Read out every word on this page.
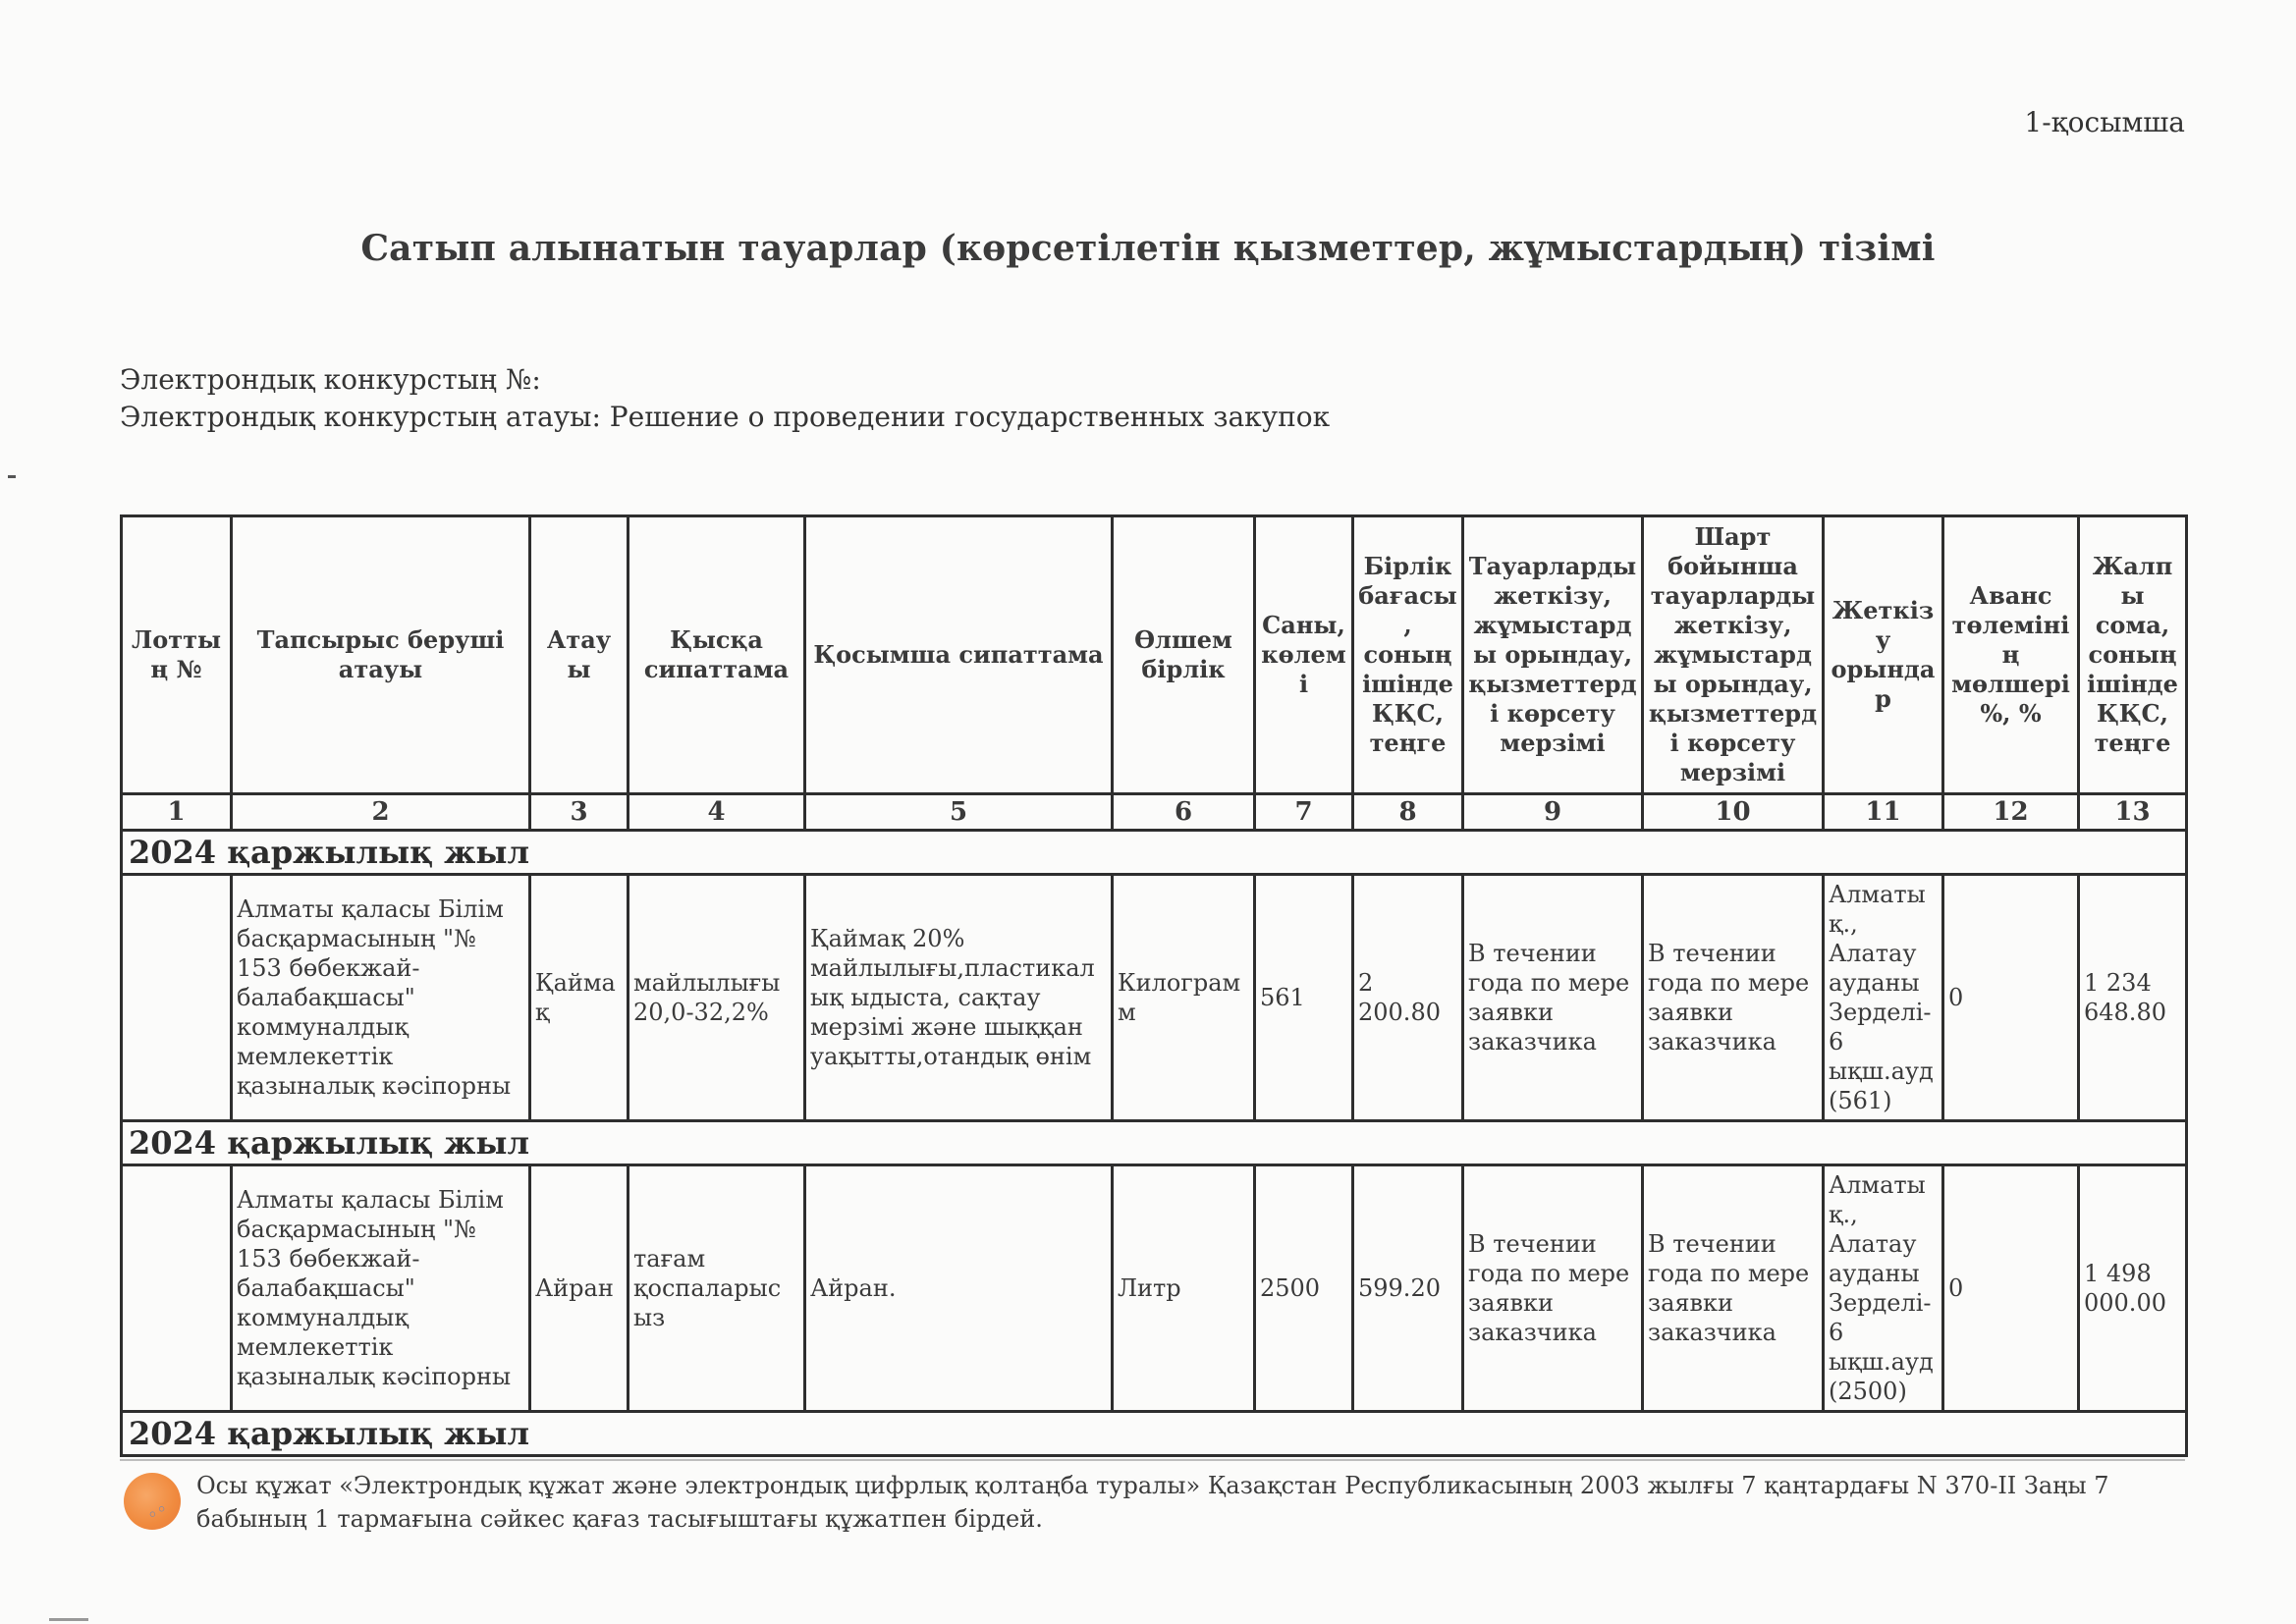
1-қосымша
Сатып алынатын тауарлар (көрсетілетін қызметтер, жұмыстардың) тізімі
Электрондық конкурстың №:
Электрондық конкурстың атауы: Решение о проведении государственных закупок
Лоттың №	Тапсырыс беруші атауы	Атауы	Қысқа сипаттама	Қосымша сипаттама	Өлшем бірлік	Саны, көлемі	Бірлік бағасы, соның ішінде ҚҚС, теңге	Тауарларды жеткізу, жұмыстарды орындау, қызметтерді көрсету мерзімі	Шарт бойынша тауарларды жеткізу, жұмыстарды орындау, қызметтерді көрсету мерзімі	Жеткізу орындар	Аванс төлемінің мөлшері %, %	Жалпы сома, соның ішінде ҚҚС, теңге
1	2	3	4	5	6	7	8	9	10	11	12	13
2024 қаржылық жыл												
	Алматы қаласы Білім басқармасының "№ 153 бөбекжай-балабақшасы" коммуналдық мемлекеттік қазыналық кәсіпорны	Қаймақ	майлылығы 20,0-32,2%	Қаймақ 20% майлылығы,пластикалық ыдыста, сақтау мерзімі және шыққан уақытты,отандық өнім	Килограмм	561	2 200.80	В течении года по мере заявки заказчика	В течении года по мере заявки заказчика	Алматы қ., Алатау ауданы Зерделі-6 ықш.ауд (561)	0	1 234 648.80
2024 қаржылық жыл												
	Алматы қаласы Білім басқармасының "№ 153 бөбекжай-балабақшасы" коммуналдық мемлекеттік қазыналық кәсіпорны	Айран	тағам қоспаларысыз	Айран.	Литр	2500	599.20	В течении года по мере заявки заказчика	В течении года по мере заявки заказчика	Алматы қ., Алатау ауданы Зерделі-6 ықш.ауд (2500)	0	1 498 000.00
2024 қаржылық жыл												
◦◦
Осы құжат «Электрондық құжат және электрондық цифрлық қолтаңба туралы» Қазақстан Республикасының 2003 жылғы 7 қаңтардағы N 370-II Заңы 7 бабының 1 тармағына сәйкес қағаз тасығыштағы құжатпен бірдей.
